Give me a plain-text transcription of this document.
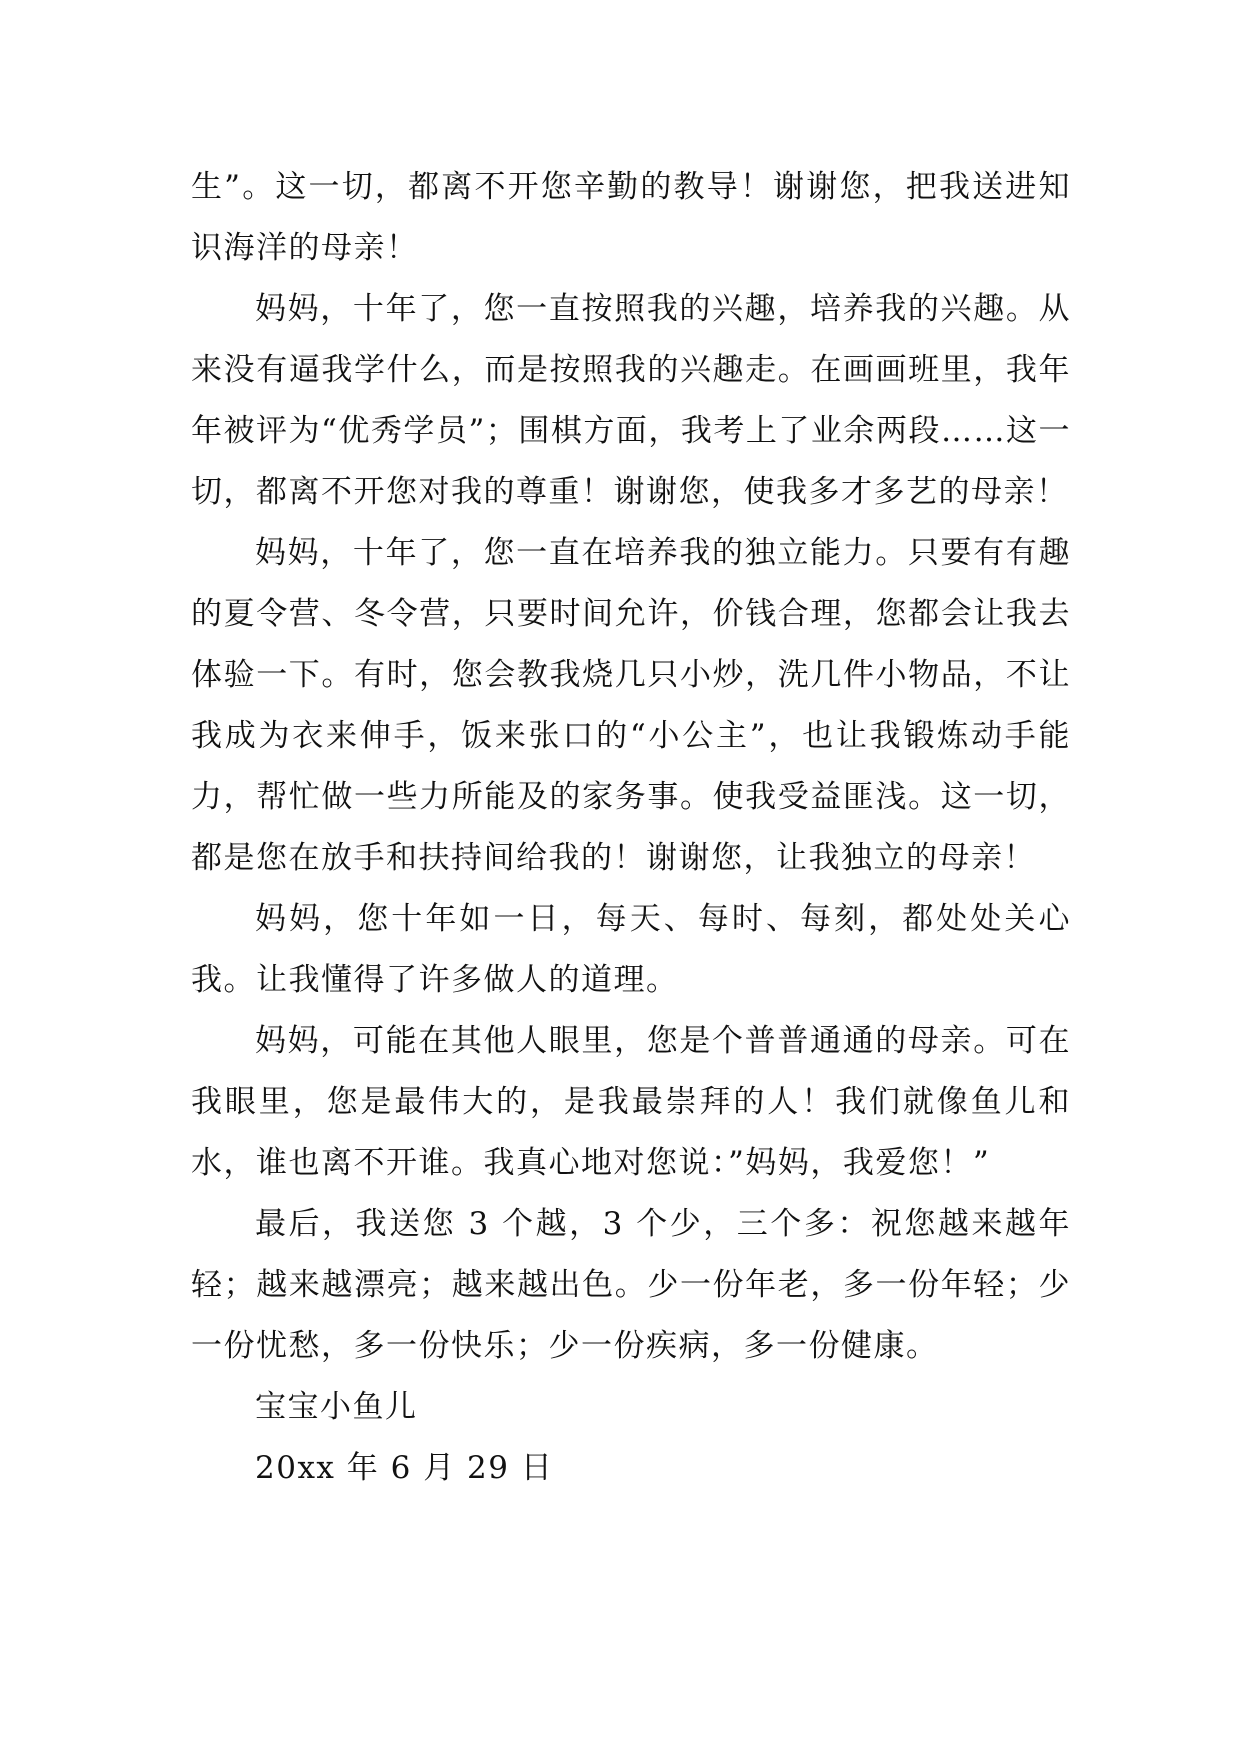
生”。这一切，都离不开您辛勤的教导！谢谢您，把我送进知识海洋的母亲！

妈妈，十年了，您一直按照我的兴趣，培养我的兴趣。从来没有逼我学什么，而是按照我的兴趣走。在画画班里，我年年被评为“优秀学员”；围棋方面，我考上了业余两段……这一切，都离不开您对我的尊重！谢谢您，使我多才多艺的母亲！

妈妈，十年了，您一直在培养我的独立能力。只要有有趣的夏令营、冬令营，只要时间允许，价钱合理，您都会让我去体验一下。有时，您会教我烧几只小炒，洗几件小物品，不让我成为衣来伸手，饭来张口的“小公主”，也让我锻炼动手能力，帮忙做一些力所能及的家务事。使我受益匪浅。这一切，都是您在放手和扶持间给我的！谢谢您，让我独立的母亲！

妈妈，您十年如一日，每天、每时、每刻，都处处关心我。让我懂得了许多做人的道理。

妈妈，可能在其他人眼里，您是个普普通通的母亲。可在我眼里，您是最伟大的，是我最崇拜的人！我们就像鱼儿和水，谁也离不开谁。我真心地对您说：”妈妈，我爱您！”

最后，我送您 3 个越，3 个少，三个多：祝您越来越年轻；越来越漂亮；越来越出色。少一份年老，多一份年轻；少一份忧愁，多一份快乐；少一份疾病，多一份健康。

宝宝小鱼儿

20xx 年 6 月 29 日
